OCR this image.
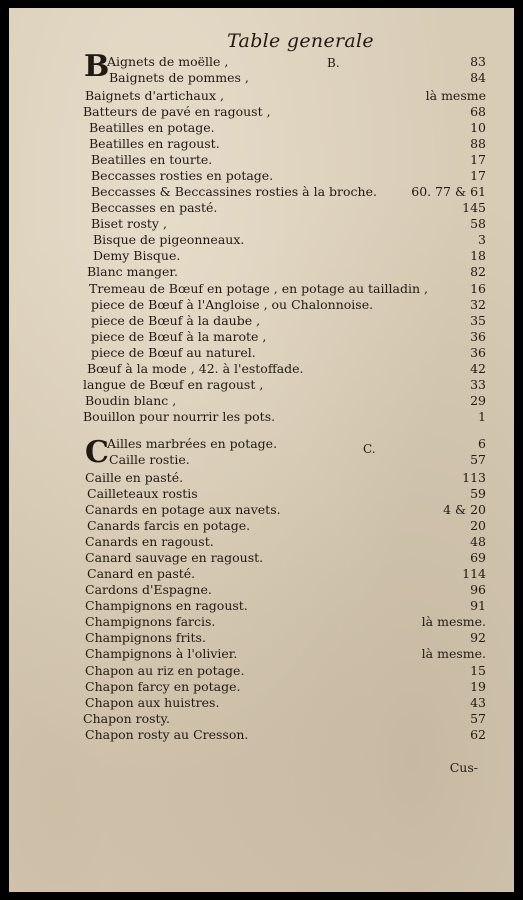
Table generale
B	B.
C	C.
Aignets de moëlle ,	83
Baignets de pommes ,	84
Baignets d'artichaux ,	là mesme
Batteurs de pavé en ragoust ,	68
Beatilles en potage.	10
Beatilles en ragoust.	88
Beatilles en tourte.	17
Beccasses rosties en potage.	17
Beccasses & Beccassines rosties à la broche.	60. 77 & 61
Beccasses en pasté.	145
Biset rosty ,	58
Bisque de pigeonneaux.	3
Demy Bisque.	18
Blanc manger.	82
Tremeau de Bœuf en potage , en potage au tailladin ,	16
piece de Bœuf à l'Angloise , ou Chalonnoise.	32
piece de Bœuf à la daube ,	35
piece de Bœuf à la marote ,	36
piece de Bœuf au naturel.	36
Bœuf à la mode , 42. à l'estoffade.	42
langue de Bœuf en ragoust ,	33
Boudin blanc ,	29
Bouillon pour nourrir les pots.	1
Ailles marbrées en potage.	6
Caille rostie.	57
Caille en pasté.	113
Cailleteaux rostis	59
Canards en potage aux navets.	4 & 20
Canards farcis en potage.	20
Canards en ragoust.	48
Canard sauvage en ragoust.	69
Canard en pasté.	114
Cardons d'Espagne.	96
Champignons en ragoust.	91
Champignons farcis.	là mesme.
Champignons frits.	92
Champignons à l'olivier.	là mesme.
Chapon au riz en potage.	15
Chapon farcy en potage.	19
Chapon aux huistres.	43
Chapon rosty.	57
Chapon rosty au Cresson.	62
Cus-
